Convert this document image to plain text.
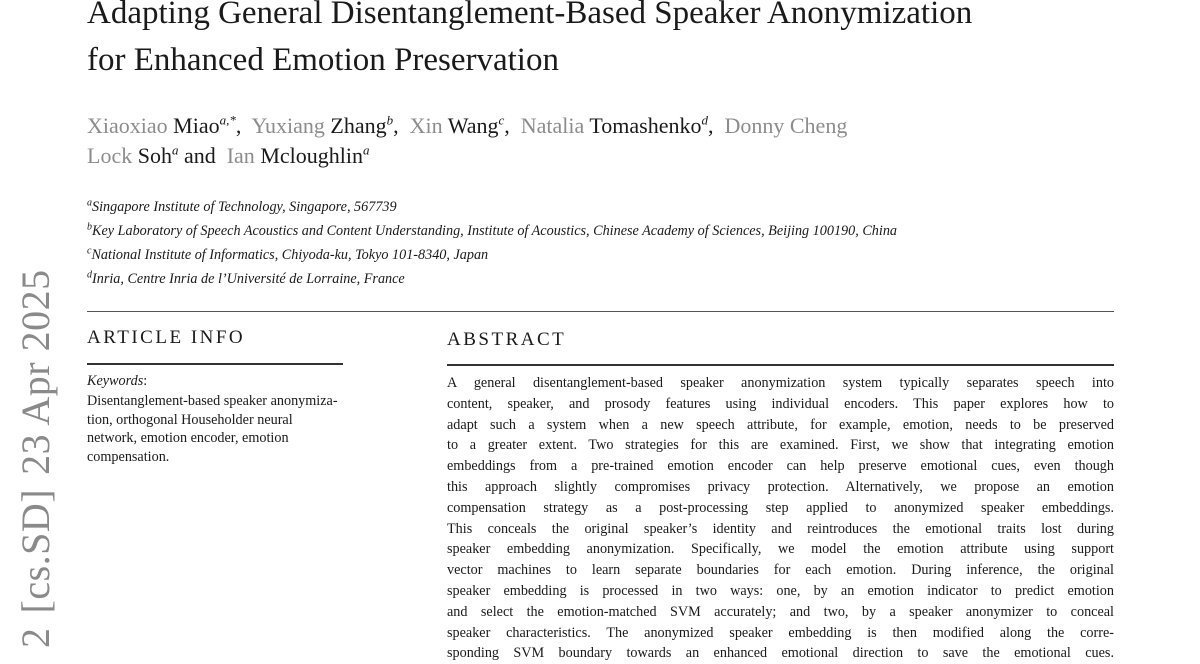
2[cs.SD]23 Apr 2025
Adapting General Disentanglement-Based Speaker Anonymization
for Enhanced Emotion Preservation
Xiaoxiao Miao$^{a,*}$, Yuxiang Zhang$^b$, Xin Wang$^c$, Natalia Tomashenko$^d$, Donny Cheng
Lock Soh$^a$ and Ian Mcloughlin$^a$
$^a$Singapore Institute of Technology, Singapore, 567739
$^b$Key Laboratory of Speech Acoustics and Content Understanding, Institute of Acoustics, Chinese Academy of Sciences, Beijing 100190, China
$^c$National Institute of Informatics, Chiyoda-ku, Tokyo 101-8340, Japan
$^d$Inria, Centre Inria de l’Université de Lorraine, France
ARTICLE INFO
Keywords:
Disentanglement-based speaker anonymiza-
tion, orthogonal Householder neural
network, emotion encoder, emotion
compensation.
ABSTRACT
A general disentanglement-based speaker anonymization system typically separates speech into
content, speaker, and prosody features using individual encoders. This paper explores how to
adapt such a system when a new speech attribute, for example, emotion, needs to be preserved
to a greater extent. Two strategies for this are examined. First, we show that integrating emotion
embeddings from a pre-trained emotion encoder can help preserve emotional cues, even though
this approach slightly compromises privacy protection. Alternatively, we propose an emotion
compensation strategy as a post-processing step applied to anonymized speaker embeddings.
This conceals the original speaker’s identity and reintroduces the emotional traits lost during
speaker embedding anonymization. Specifically, we model the emotion attribute using support
vector machines to learn separate boundaries for each emotion. During inference, the original
speaker embedding is processed in two ways: one, by an emotion indicator to predict emotion
and select the emotion-matched SVM accurately; and two, by a speaker anonymizer to conceal
speaker characteristics. The anonymized speaker embedding is then modified along the corre-
sponding SVM boundary towards an enhanced emotional direction to save the emotional cues.
